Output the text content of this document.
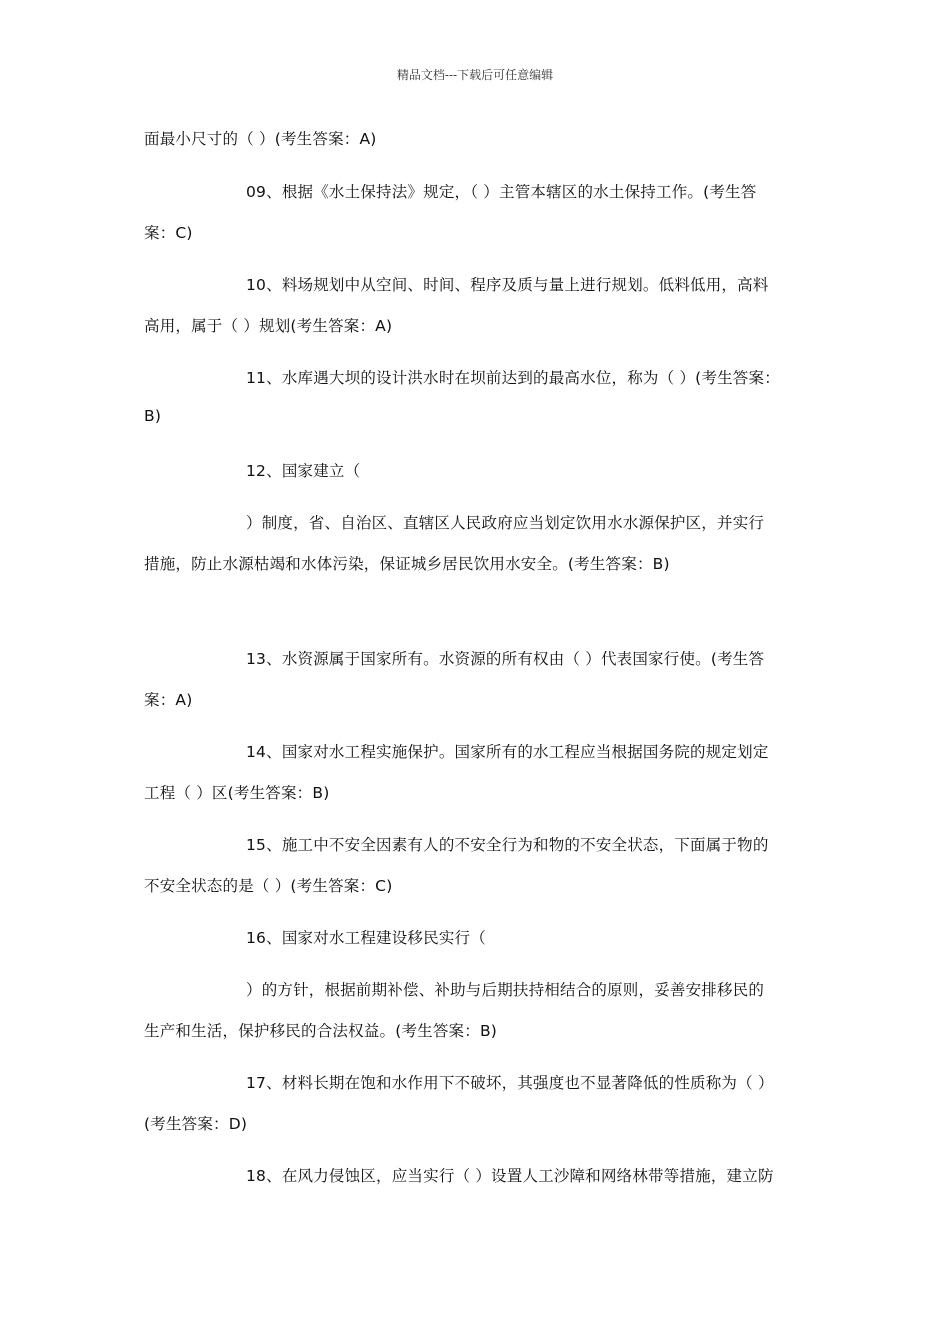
精品文档---下载后可任意编辑
面最小尺寸的（ ）(考生答案：A)
09、根据《水土保持法》规定，（ ）主管本辖区的水土保持工作。(考生答
案：C)
10、料场规划中从空间、时间、程序及质与量上进行规划。低料低用，高料
高用，属于（ ）规划(考生答案：A)
11、水库遇大坝的设计洪水时在坝前达到的最高水位，称为（ ）(考生答案：
B)
12、国家建立（
）制度，省、自治区、直辖区人民政府应当划定饮用水水源保护区，并实行
措施，防止水源枯竭和水体污染，保证城乡居民饮用水安全。(考生答案：B)
13、水资源属于国家所有。水资源的所有权由（ ）代表国家行使。(考生答
案：A)
14、国家对水工程实施保护。国家所有的水工程应当根据国务院的规定划定
工程（ ）区(考生答案：B)
15、施工中不安全因素有人的不安全行为和物的不安全状态，下面属于物的
不安全状态的是（ ）(考生答案：C)
16、国家对水工程建设移民实行（
）的方针，根据前期补偿、补助与后期扶持相结合的原则，妥善安排移民的
生产和生活，保护移民的合法权益。(考生答案：B)
17、材料长期在饱和水作用下不破坏，其强度也不显著降低的性质称为（ ）
(考生答案：D)
18、在风力侵蚀区，应当实行（ ）设置人工沙障和网络林带等措施，建立防
